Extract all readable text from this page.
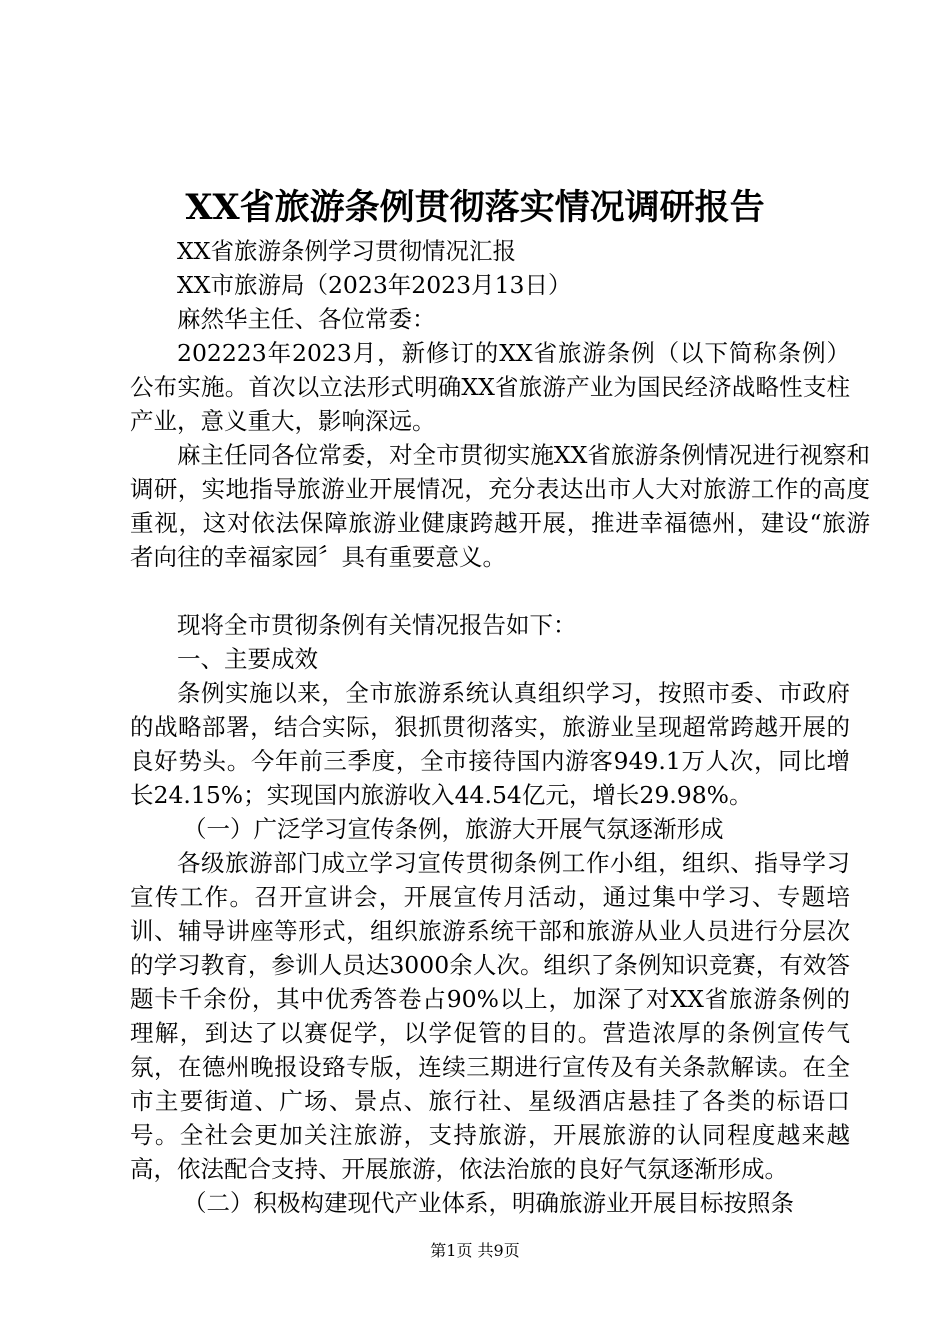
XX省旅游条例贯彻落实情况调研报告

XX省旅游条例学习贯彻情况汇报

XX市旅游局（2023年2023月13日）

麻然华主任、各位常委：

202223年2023月，新修订的XX省旅游条例（以下简称条例）公布实施。首次以立法形式明确XX省旅游产业为国民经济战略性支柱产业，意义重大，影响深远。

麻主任同各位常委，对全市贯彻实施XX省旅游条例情况进行视察和调研，实地指导旅游业开展情况，充分表达出市人大对旅游工作的高度重视，这对依法保障旅游业健康跨越开展，推进幸福德州，建设“旅游者向往的幸福家园〞具有重要意义。

现将全市贯彻条例有关情况报告如下：

一、主要成效

条例实施以来，全市旅游系统认真组织学习，按照市委、市政府的战略部署，结合实际，狠抓贯彻落实，旅游业呈现超常跨越开展的良好势头。今年前三季度，全市接待国内游客949.1万人次，同比增长24.15%；实现国内旅游收入44.54亿元，增长29.98%。

（一）广泛学习宣传条例，旅游大开展气氛逐渐形成

各级旅游部门成立学习宣传贯彻条例工作小组，组织、指导学习宣传工作。召开宣讲会，开展宣传月活动，通过集中学习、专题培训、辅导讲座等形式，组织旅游系统干部和旅游从业人员进行分层次的学习教育，参训人员达3000余人次。组织了条例知识竞赛，有效答题卡千余份，其中优秀答卷占90%以上，加深了对XX省旅游条例的理解，到达了以赛促学，以学促管的目的。营造浓厚的条例宣传气氛，在德州晚报设臵专版，连续三期进行宣传及有关条款解读。在全市主要街道、广场、景点、旅行社、星级酒店悬挂了各类的标语口号。全社会更加关注旅游，支持旅游，开展旅游的认同程度越来越高，依法配合支持、开展旅游，依法治旅的良好气氛逐渐形成。

（二）积极构建现代产业体系，明确旅游业开展目标按照条

第1页 共9页
